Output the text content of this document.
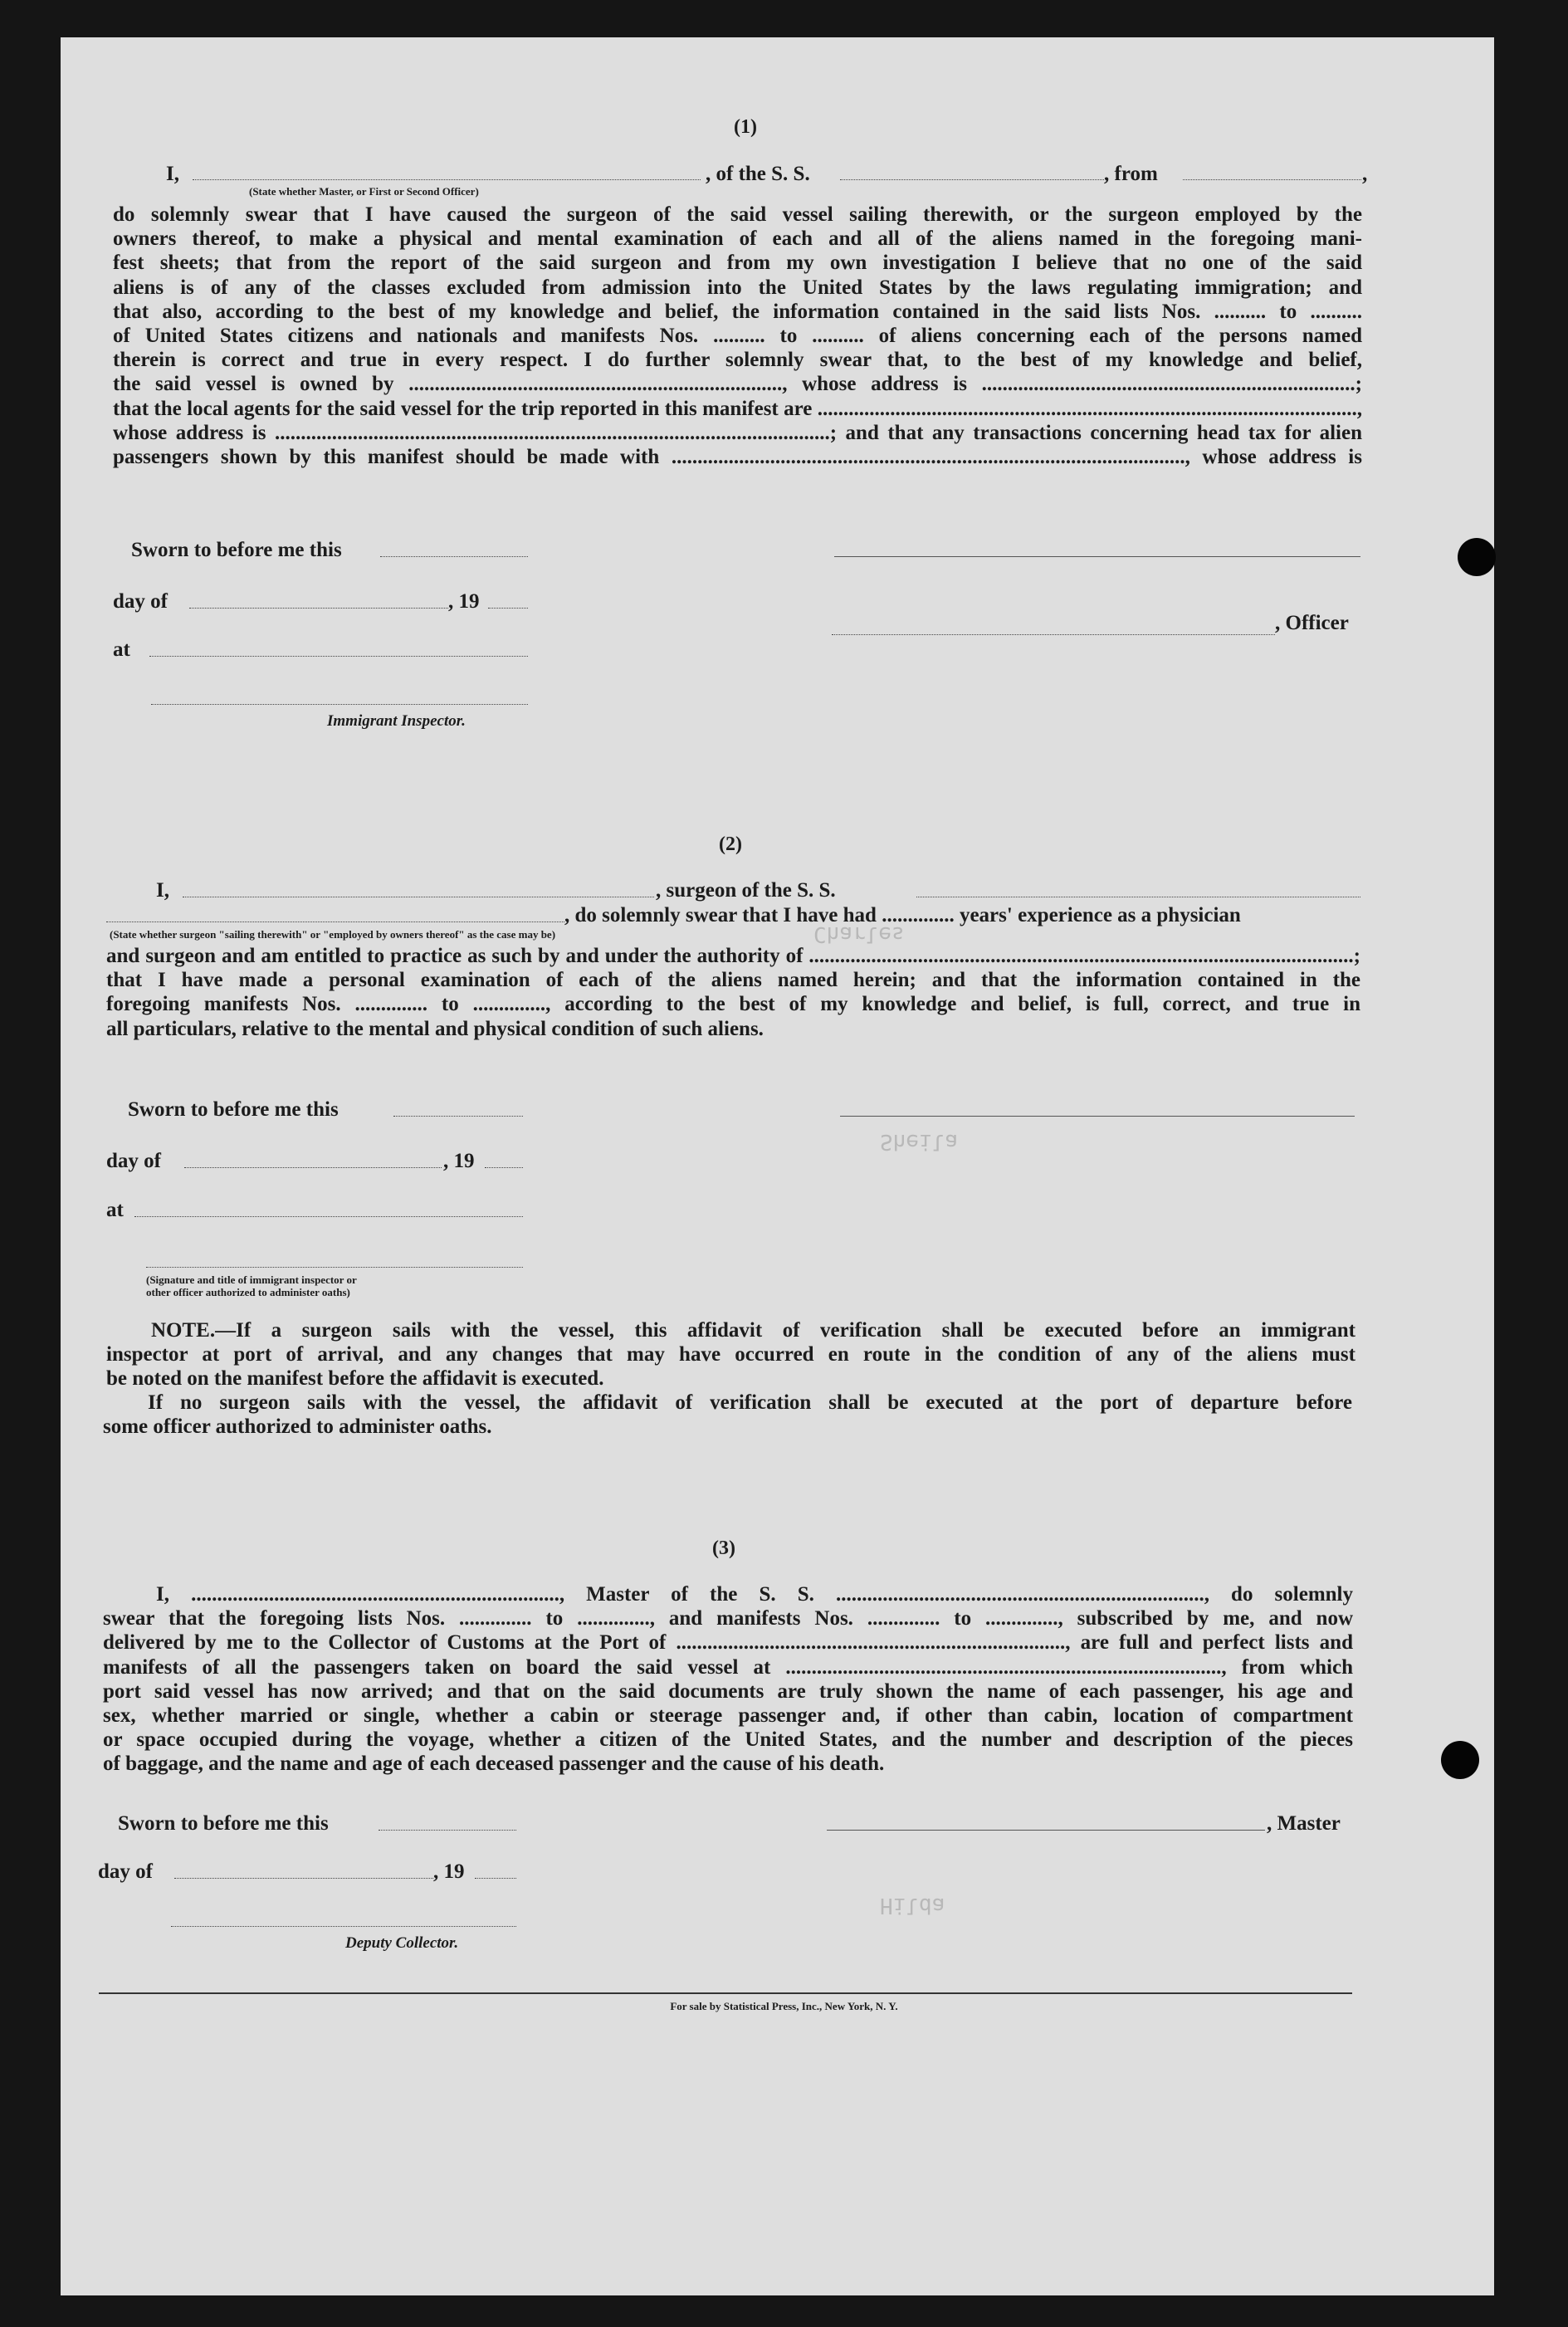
Charles
Sheila
Hilda
(1)
I,
(State whether Master, or First or Second Officer)
, of the S. S.	, from	,
do solemnly swear that I have caused the surgeon of the said vessel sailing therewith, or the surgeon employed by the
owners thereof, to make a physical and mental examination of each and all of the aliens named in the foregoing mani-
fest sheets; that from the report of the said surgeon and from my own investigation I believe that no one of the said
aliens is of any of the classes excluded from admission into the United States by the laws regulating immigration; and
that also, according to the best of my knowledge and belief, the information contained in the said lists Nos. .......... to ..........
of United States citizens and nationals and manifests Nos. .......... to .......... of aliens concerning each of the persons named
therein is correct and true in every respect. I do further solemnly swear that, to the best of my knowledge and belief,
the said vessel is owned by ........................................................................, whose address is ........................................................................;
that the local agents for the said vessel for the trip reported in this manifest are ........................................................................................................,
whose address is ...........................................................................................................; and that any transactions concerning head tax for alien
passengers shown by this manifest should be made with ..................................................................................................., whose address is
Sworn to before me this
day of	, 19
, Officer
at
Immigrant Inspector.
(2)
I,	, surgeon of the S. S.
, do solemnly swear that I have had .............. years' experience as a physician
(State whether surgeon "sailing therewith" or "employed by owners thereof" as the case may be)
and surgeon and am entitled to practice as such by and under the authority of .........................................................................................................;
that I have made a personal examination of each of the aliens named herein; and that the information contained in the
foregoing manifests Nos. .............. to .............., according to the best of my knowledge and belief, is full, correct, and true in
all particulars, relative to the mental and physical condition of such aliens.
Sworn to before me this
day of	, 19
at
(Signature and title of immigrant inspector or
other officer authorized to administer oaths)
NOTE.—If a surgeon sails with the vessel, this affidavit of verification shall be executed before an immigrant
inspector at port of arrival, and any changes that may have occurred en route in the condition of any of the aliens must
be noted on the manifest before the affidavit is executed.
If no surgeon sails with the vessel, the affidavit of verification shall be executed at the port of departure before
some officer authorized to administer oaths.
(3)
I, ......................................................................., Master of the S. S. ......................................................................., do solemnly
swear that the foregoing lists Nos. .............. to .............., and manifests Nos. .............. to .............., subscribed by me, and now
delivered by me to the Collector of Customs at the Port of ..........................................................................., are full and perfect lists and
manifests of all the passengers taken on board the said vessel at ...................................................................................., from which
port said vessel has now arrived; and that on the said documents are truly shown the name of each passenger, his age and
sex, whether married or single, whether a cabin or steerage passenger and, if other than cabin, location of compartment
or space occupied during the voyage, whether a citizen of the United States, and the number and description of the pieces
of baggage, and the name and age of each deceased passenger and the cause of his death.
Sworn to before me this	, Master
day of	, 19
Deputy Collector.
For sale by Statistical Press, Inc., New York, N. Y.
